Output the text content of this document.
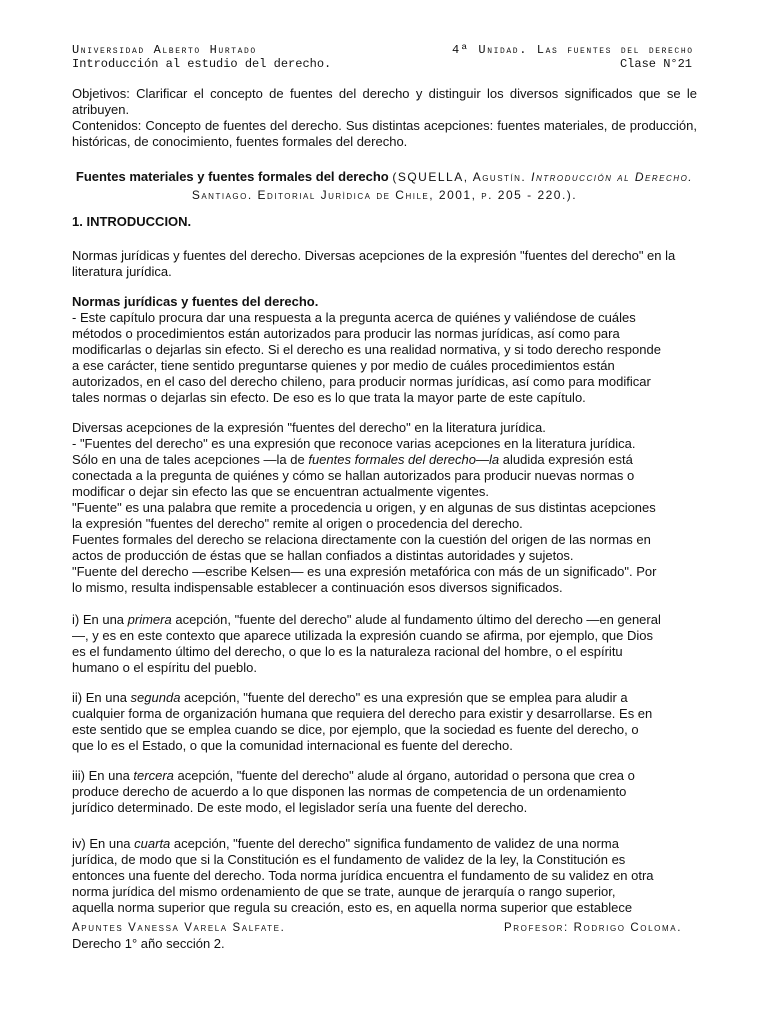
Universidad Alberto Hurtado
Introducción al estudio del derecho.
4ª Unidad. Las fuentes del derecho
Clase N°21

Objetivos: Clarificar el concepto de fuentes del derecho y distinguir los diversos significados que se le atribuyen.

Contenidos: Concepto de fuentes del derecho. Sus distintas acepciones: fuentes materiales, de producción, históricas, de conocimiento, fuentes formales del derecho.

Fuentes materiales y fuentes formales del derecho (SQUELLA, Agustín. Introducción al Derecho. Santiago. Editorial Jurìdica de Chile, 2001, p. 205 - 220.).
1. INTRODUCCION.

Normas jurídicas y fuentes del derecho. Diversas acepciones de la expresión "fuentes del derecho" en la literatura jurídica.

Normas jurídicas y fuentes del derecho.

- Este capítulo procura dar una respuesta a la pregunta acerca de quiénes y valiéndose de cuáles
métodos o procedimientos están autorizados para producir las normas jurídicas, así como para
modificarlas o dejarlas sin efecto. Si el derecho es una realidad normativa, y si todo derecho responde
a ese carácter, tiene sentido preguntarse quienes y por medio de cuáles procedimientos están
autorizados, en el caso del derecho chileno, para producir normas jurídicas, así como para modificar
tales normas o dejarlas sin efecto. De eso es lo que trata la mayor parte de este capítulo.

Diversas acepciones de la expresión "fuentes del derecho" en la literatura jurídica.

- "Fuentes del derecho" es una expresión que reconoce varias acepciones en la literatura jurídica.

Sólo en una de tales acepciones —la de fuentes formales del derecho—la aludida expresión está

conectada a la pregunta de quiénes y cómo se hallan autorizados para producir nuevas normas o
modificar o dejar sin efecto las que se encuentran actualmente vigentes.
"Fuente" es una palabra que remite a procedencia u origen, y en algunas de sus distintas acepciones
la expresión "fuentes del derecho" remite al origen o procedencia del derecho.
Fuentes formales del derecho se relaciona directamente con la cuestión del origen de las normas en
actos de producción de éstas que se hallan confiados a distintas autoridades y sujetos.
"Fuente del derecho —escribe Kelsen— es una expresión metafórica con más de un significado". Por
lo mismo, resulta indispensable establecer a continuación esos diversos significados.

i) En una primera acepción, "fuente del derecho" alude al fundamento último del derecho —en general
—, y es en este contexto que aparece utilizada la expresión cuando se afirma, por ejemplo, que Dios
es el fundamento último del derecho, o que lo es la naturaleza racional del hombre, o el espíritu
humano o el espíritu del pueblo.

ii) En una segunda acepción, "fuente del derecho" es una expresión que se emplea para aludir a
cualquier forma de organización humana que requiera del derecho para existir y desarrollarse. Es en
este sentido que se emplea cuando se dice, por ejemplo, que la sociedad es fuente del derecho, o
que lo es el Estado, o que la comunidad internacional es fuente del derecho.

iii) En una tercera acepción, "fuente del derecho" alude al órgano, autoridad o persona que crea o
produce derecho de acuerdo a lo que disponen las normas de competencia de un ordenamiento
jurídico determinado. De este modo, el legislador sería una fuente del derecho.

iv) En una cuarta acepción, "fuente del derecho" significa fundamento de validez de una norma
jurídica, de modo que si la Constitución es el fundamento de validez de la ley, la Constitución es
entonces una fuente del derecho. Toda norma jurídica encuentra el fundamento de su validez en otra
norma jurídica del mismo ordenamiento de que se trate, aunque de jerarquía o rango superior,
aquella norma superior que regula su creación, esto es, en aquella norma superior que establece

Apuntes Vanessa Varela Salfate.
Derecho 1° año sección 2.
Profesor: Rodrigo Coloma.
